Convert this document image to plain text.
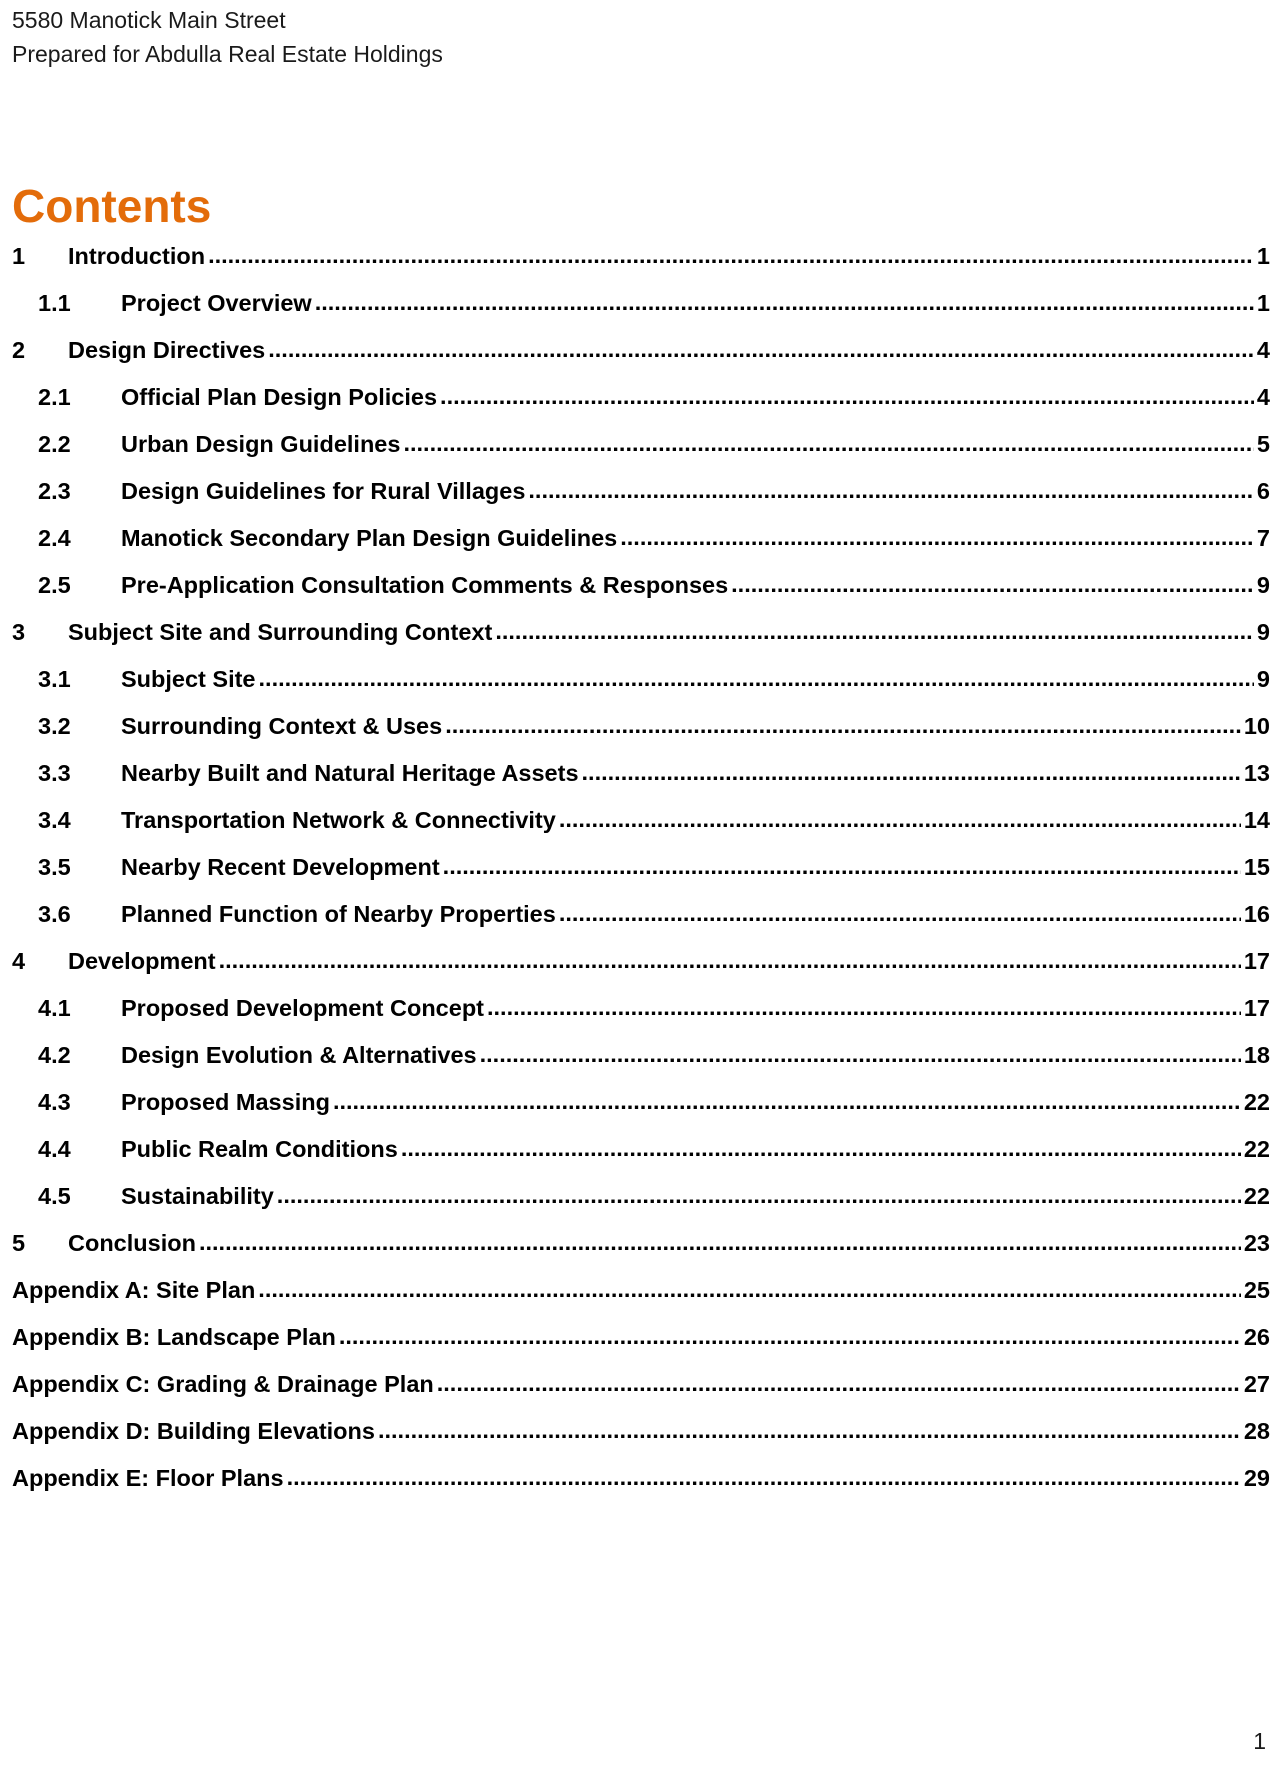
5580 Manotick Main Street
Prepared for Abdulla Real Estate Holdings
Contents
1	Introduction .....	1
1.1	Project Overview .....	1
2	Design Directives .....	4
2.1	Official Plan Design Policies .....	4
2.2	Urban Design Guidelines .....	5
2.3	Design Guidelines for Rural Villages .....	6
2.4	Manotick Secondary Plan Design Guidelines .....	7
2.5	Pre-Application Consultation Comments & Responses .....	9
3	Subject Site and Surrounding Context .....	9
3.1	Subject Site .....	9
3.2	Surrounding Context & Uses .....	10
3.3	Nearby Built and Natural Heritage Assets .....	13
3.4	Transportation Network & Connectivity .....	14
3.5	Nearby Recent Development .....	15
3.6	Planned Function of Nearby Properties .....	16
4	Development .....	17
4.1	Proposed Development Concept .....	17
4.2	Design Evolution & Alternatives .....	18
4.3	Proposed Massing .....	22
4.4	Public Realm Conditions .....	22
4.5	Sustainability .....	22
5	Conclusion .....	23
Appendix A: Site Plan .....	25
Appendix B: Landscape Plan .....	26
Appendix C: Grading & Drainage Plan .....	27
Appendix D: Building Elevations .....	28
Appendix E: Floor Plans .....	29
1
